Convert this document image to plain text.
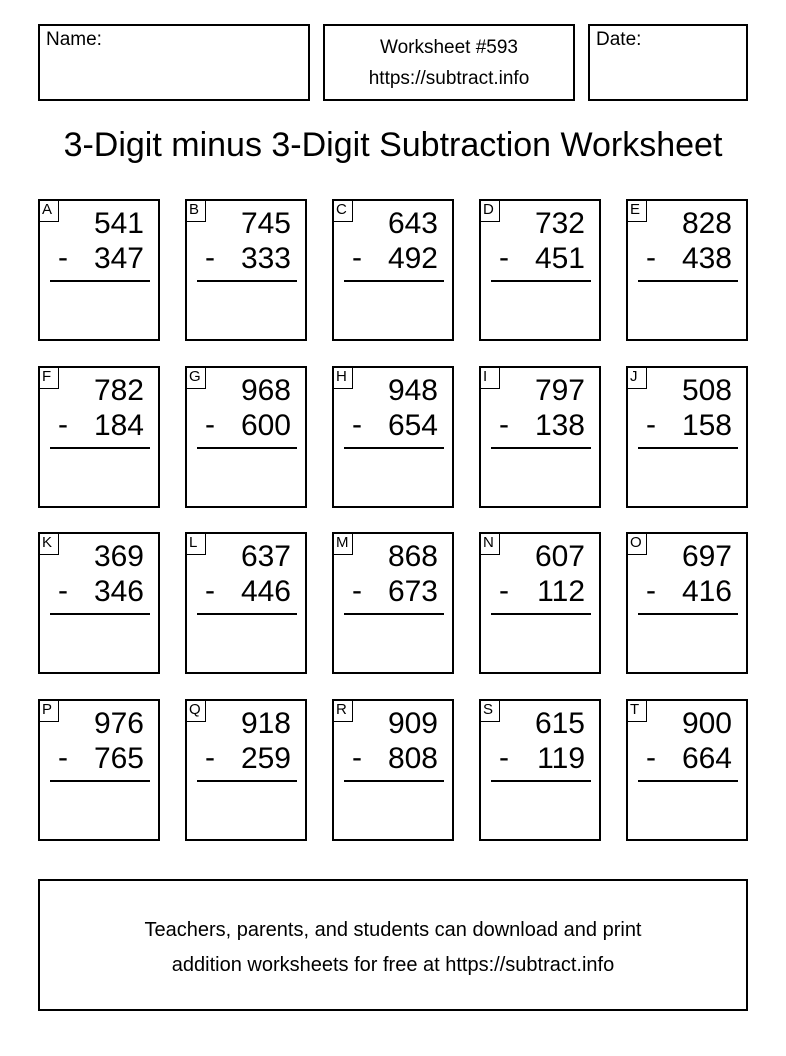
Name:	Worksheet #593
https://subtract.info
Date:
3-Digit minus 3-Digit Subtraction Worksheet
A 541
- 347
B 745
- 333
C 643
- 492
D 732
- 451
E 828
- 438
F 782
- 184
G 968
- 600
H 948
- 654
I	797
- 138
J	508
- 158
K 369
- 346
L 637
- 446
M 868
- 673
N 607
- 112
O 697
- 416
P 976
- 765
Q 918
- 259
R 909
- 808
S 615
- 119
T 900
- 664
Teachers, parents, and students can download and print
addition worksheets for free at https://subtract.info
